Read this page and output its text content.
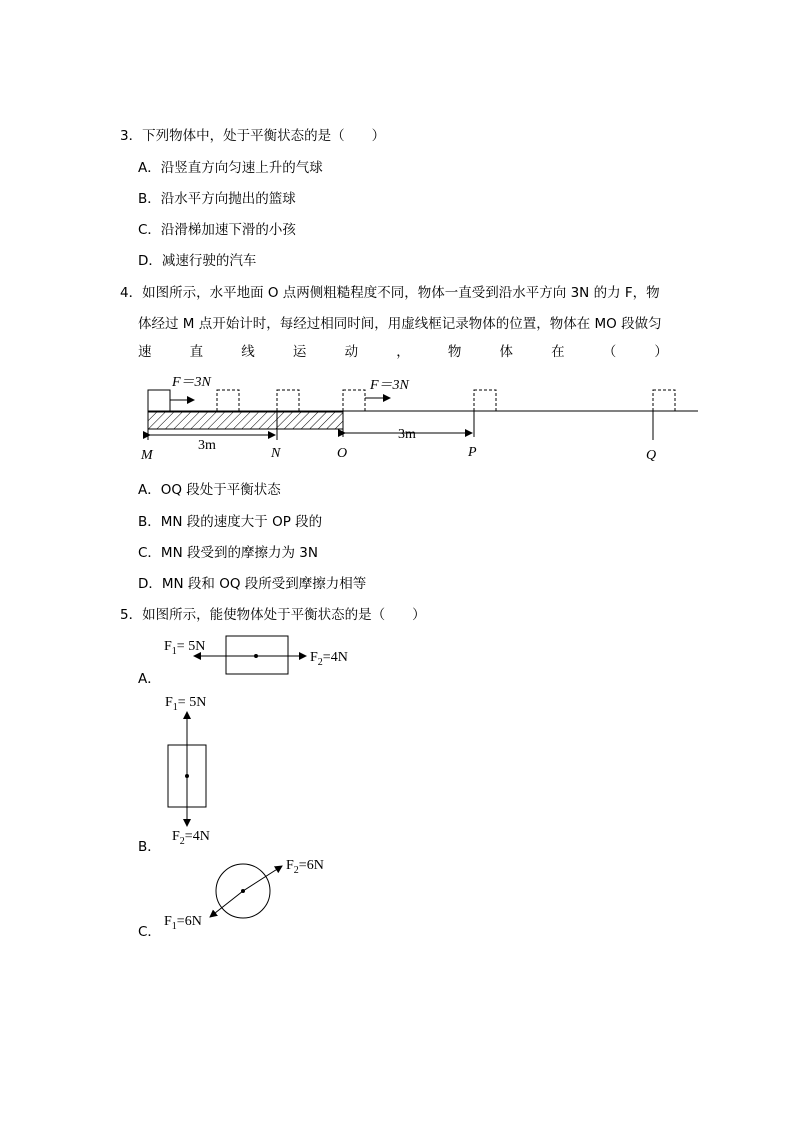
3．下列物体中，处于平衡状态的是（　　）
A．沿竖直方向匀速上升的气球
B．沿水平方向抛出的篮球
C．沿滑梯加速下滑的小孩
D．减速行驶的汽车
4．如图所示，水平地面 O 点两侧粗糙程度不同，物体一直受到沿水平方向 3N 的力 F，物
体经过 M 点开始计时，每经过相同时间，用虚线框记录物体的位置，物体在 MO 段做匀
速	直	线	运	动	，	物	体	在	（	）
F＝3N	F＝3N
3m
3m
M	N	O	P	Q
A．OQ 段处于平衡状态
B．MN 段的速度大于 OP 段的
C．MN 段受到的摩擦力为 3N
D．MN 段和 OQ 段所受到摩擦力相等
5．如图所示，能使物体处于平衡状态的是（　　）
A．
$F_1= 5N$
$F_2=4N$
B．
$F_1= 5N$
$F_2=4N$
C．
$F_2=6N$
$F_1=6N$
